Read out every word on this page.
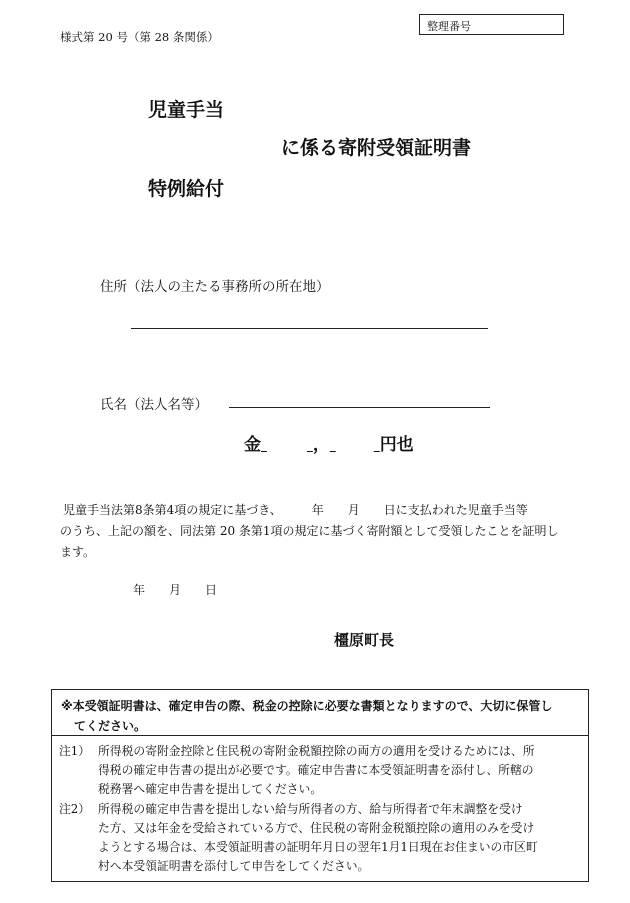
様式第 20 号（第 28 条関係）
整理番号
児童手当
に係る寄附受領証明書
特例給付
住所（法人の主たる事務所の所在地）
氏名（法人名等）
金	，	円也
児童手当法第8条第4項の規定に基づき、　　　年　　月　　日に支払われた児童手当等
のうち、上記の額を、同法第 20 条第1項の規定に基づく寄附額として受領したことを証明し
ます。
年　　月　　日
橿原町長
※本受領証明書は、確定申告の際、税金の控除に必要な書類となりますので、大切に保管し
てください。
注1） 所得税の寄附金控除と住民税の寄附金税額控除の両方の適用を受けるためには、所
得税の確定申告書の提出が必要です。確定申告書に本受領証明書を添付し、所轄の
税務署へ確定申告書を提出してください。
注2） 所得税の確定申告書を提出しない給与所得者の方、給与所得者で年末調整を受け
た方、又は年金を受給されている方で、住民税の寄附金税額控除の適用のみを受け
ようとする場合は、本受領証明書の証明年月日の翌年1月1日現在お住まいの市区町
村へ本受領証明書を添付して申告をしてください。
